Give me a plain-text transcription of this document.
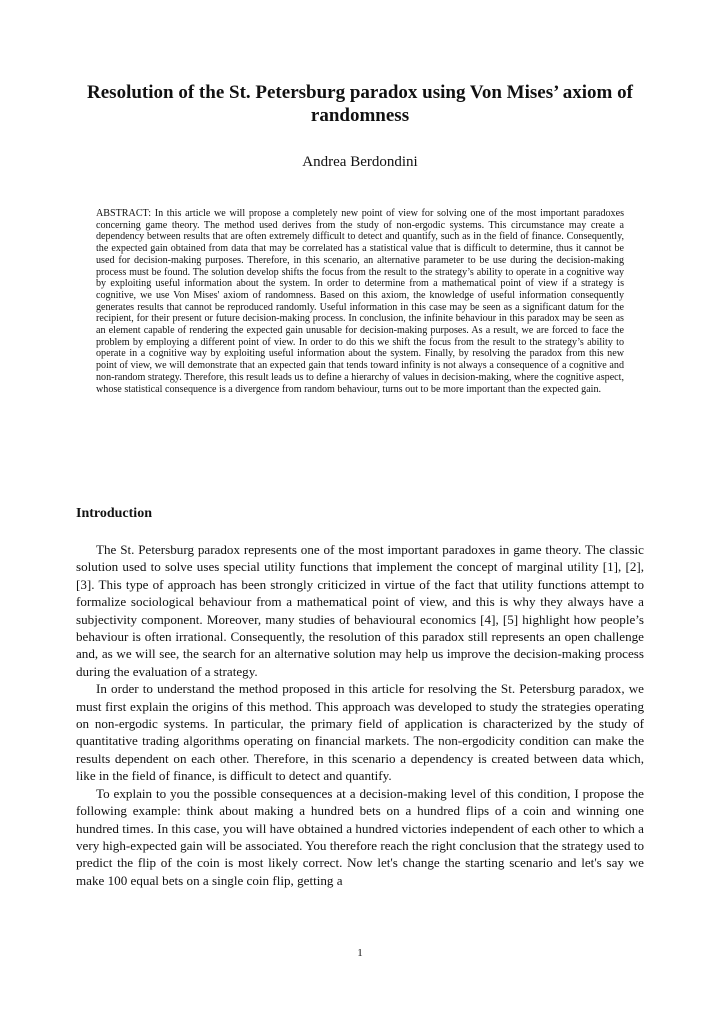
Resolution of the St. Petersburg paradox using Von Mises’ axiom of randomness
Andrea Berdondini

ABSTRACT: In this article we will propose a completely new point of view for solving one of the most important paradoxes concerning game theory. The method used derives from the study of non-ergodic systems. This circumstance may create a dependency between results that are often extremely difficult to detect and quantify, such as in the field of finance. Consequently, the expected gain obtained from data that may be correlated has a statistical value that is difficult to determine, thus it cannot be used for decision-making purposes. Therefore, in this scenario, an alternative parameter to be use during the decision-making process must be found. The solution develop shifts the focus from the result to the strategy’s ability to operate in a cognitive way by exploiting useful information about the system. In order to determine from a mathematical point of view if a strategy is cognitive, we use Von Mises' axiom of randomness. Based on this axiom, the knowledge of useful information consequently generates results that cannot be reproduced randomly. Useful information in this case may be seen as a significant datum for the recipient, for their present or future decision-making process. In conclusion, the infinite behaviour in this paradox may be seen as an element capable of rendering the expected gain unusable for decision-making purposes. As a result, we are forced to face the problem by employing a different point of view. In order to do this we shift the focus from the result to the strategy’s ability to operate in a cognitive way by exploiting useful information about the system. Finally, by resolving the paradox from this new point of view, we will demonstrate that an expected gain that tends toward infinity is not always a consequence of a cognitive and non-random strategy. Therefore, this result leads us to define a hierarchy of values in decision-making, where the cognitive aspect, whose statistical consequence is a divergence from random behaviour, turns out to be more important than the expected gain.

Introduction

The St. Petersburg paradox represents one of the most important paradoxes in game theory. The classic solution used to solve uses special utility functions that implement the concept of marginal utility [1], [2], [3]. This type of approach has been strongly criticized in virtue of the fact that utility functions attempt to formalize sociological behaviour from a mathematical point of view, and this is why they always have a subjectivity component. Moreover, many studies of behavioural economics [4], [5] highlight how people’s behaviour is often irrational. Consequently, the resolution of this paradox still represents an open challenge and, as we will see, the search for an alternative solution may help us improve the decision-making process during the evaluation of a strategy.

In order to understand the method proposed in this article for resolving the St. Petersburg paradox, we must first explain the origins of this method. This approach was developed to study the strategies operating on non-ergodic systems. In particular, the primary field of application is characterized by the study of quantitative trading algorithms operating on financial markets. The non-ergodicity condition can make the results dependent on each other. Therefore, in this scenario a dependency is created between data which, like in the field of finance, is difficult to detect and quantify.

To explain to you the possible consequences at a decision-making level of this condition, I propose the following example: think about making a hundred bets on a hundred flips of a coin and winning one hundred times. In this case, you will have obtained a hundred victories independent of each other to which a very high-expected gain will be associated. You therefore reach the right conclusion that the strategy used to predict the flip of the coin is most likely correct. Now let's change the starting scenario and let's say we make 100 equal bets on a single coin flip, getting a

1
